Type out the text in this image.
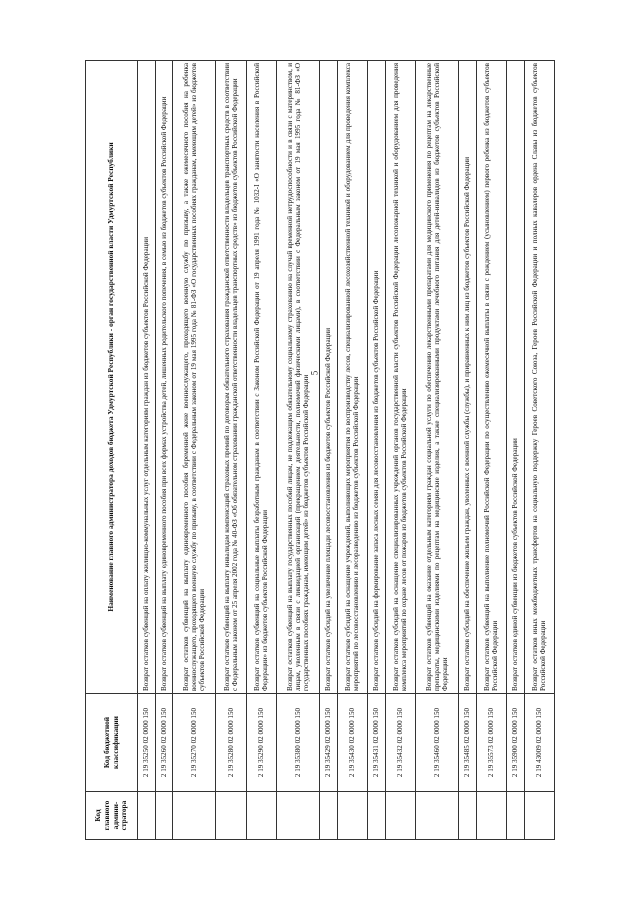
5
Код главного админи-стратора	Код бюджетной классификации	Наименование главного администратора доходов бюджета Удмуртской Республики - орган государственной власти Удмуртской Республики
	2 19 35250 02 0000 150	Возврат остатков субвенций на оплату жилищно-коммунальных услуг отдельным категориям граждан из бюджетов субъектов Российской Федерации
	2 19 35260 02 0000 150	Возврат остатков субвенций на выплату единовременного пособия при всех формах устройства детей, лишенных родительского попечения, в семью из бюджетов субъектов Российской Федерации
	2 19 35270 02 0000 150	Возврат остатков субвенций на выплату единовременного пособия беременной жене военнослужащего, проходящего военную службу по призыву, а также ежемесячного пособия на ребенка военнослужащего, проходящего военную службу по призыву, в соответствии с Федеральным законом от 19 мая 1995 года № 81-ФЗ «О государственных пособиях гражданам, имеющим детей» из бюджетов субъектов Российской Федерации
	2 19 35280 02 0000 150	Возврат остатков субвенций на выплату инвалидам компенсаций страховых премий по договорам обязательного страхования гражданской ответственности владельцев транспортных средств в соответствии с Федеральным законом от 25 апреля 2002 года № 40-ФЗ «Об обязательном страховании гражданской ответственности владельцев транспортных средств» из бюджетов субъектов Российской Федерации
	2 19 35290 02 0000 150	Возврат остатков субвенций на социальные выплаты безработным гражданам в соответствии с Законом Российской Федерации от 19 апреля 1991 года № 1032-I «О занятости населения в Российской Федерации» из бюджетов субъектов Российской Федерации
	2 19 35380 02 0000 150	Возврат остатков субвенций на выплату государственных пособий лицам, не подлежащим обязательному социальному страхованию на случай временной нетрудоспособности и в связи с материнством, и лицам, уволенным в связи с ликвидацией организаций (прекращением деятельности, полномочий физическими лицами), в соответствии с Федеральным законом от 19 мая 1995 года № 81-ФЗ «О государственных пособиях гражданам, имеющим детей» из бюджетов субъектов Российской Федерации
	2 19 35429 02 0000 150	Возврат остатков субсидий на увеличение площади лесовосстановления из бюджетов субъектов Российской Федерации
	2 19 35430 02 0000 150	Возврат остатков субсидий на оснащение учреждений, выполняющих мероприятия по воспроизводству лесов, специализированной лесохозяйственной техникой и оборудованием для проведения комплекса мероприятий по лесовосстановлению и лесоразведению из бюджетов субъектов Российской Федерации
	2 19 35431 02 0000 150	Возврат остатков субсидий на формирование запаса лесных семян для лесовосстановления из бюджетов субъектов Российской Федерации
	2 19 35432 02 0000 150	Возврат остатков субсидий на оснащение специализированных учреждений органов государственной власти субъектов Российской Федерации лесопожарной техникой и оборудованием для проведения комплекса мероприятий по охране лесов от пожаров из бюджетов субъектов Российской Федерации
	2 19 35460 02 0000 150	Возврат остатков субвенций на оказание отдельным категориям граждан социальной услуги по обеспечению лекарственными препаратами для медицинского применения по рецептам на лекарственные препараты, медицинскими изделиями по рецептам на медицинские изделия, а также специализированными продуктами лечебного питания для детей-инвалидов из бюджетов субъектов Российской Федерации
	2 19 35485 02 0000 150	Возврат остатков субсидий на обеспечение жильем граждан, уволенных с военной службы (службы), и приравненных к ним лиц из бюджетов субъектов Российской Федерации
	2 19 35573 02 0000 150	Возврат остатков субвенций на выполнение полномочий Российской Федерации по осуществлению ежемесячной выплаты в связи с рождением (усыновлением) первого ребенка из бюджетов субъектов Российской Федерации
	2 19 35900 02 0000 150	Возврат остатков единой субвенции из бюджетов субъектов Российской Федерации
	2 19 43009 02 0000 150	Возврат остатков иных межбюджетных трансфертов на социальную поддержку Героев Советского Союза, Героев Российской Федерации и полных кавалеров ордена Славы из бюджетов субъектов Российской Федерации
